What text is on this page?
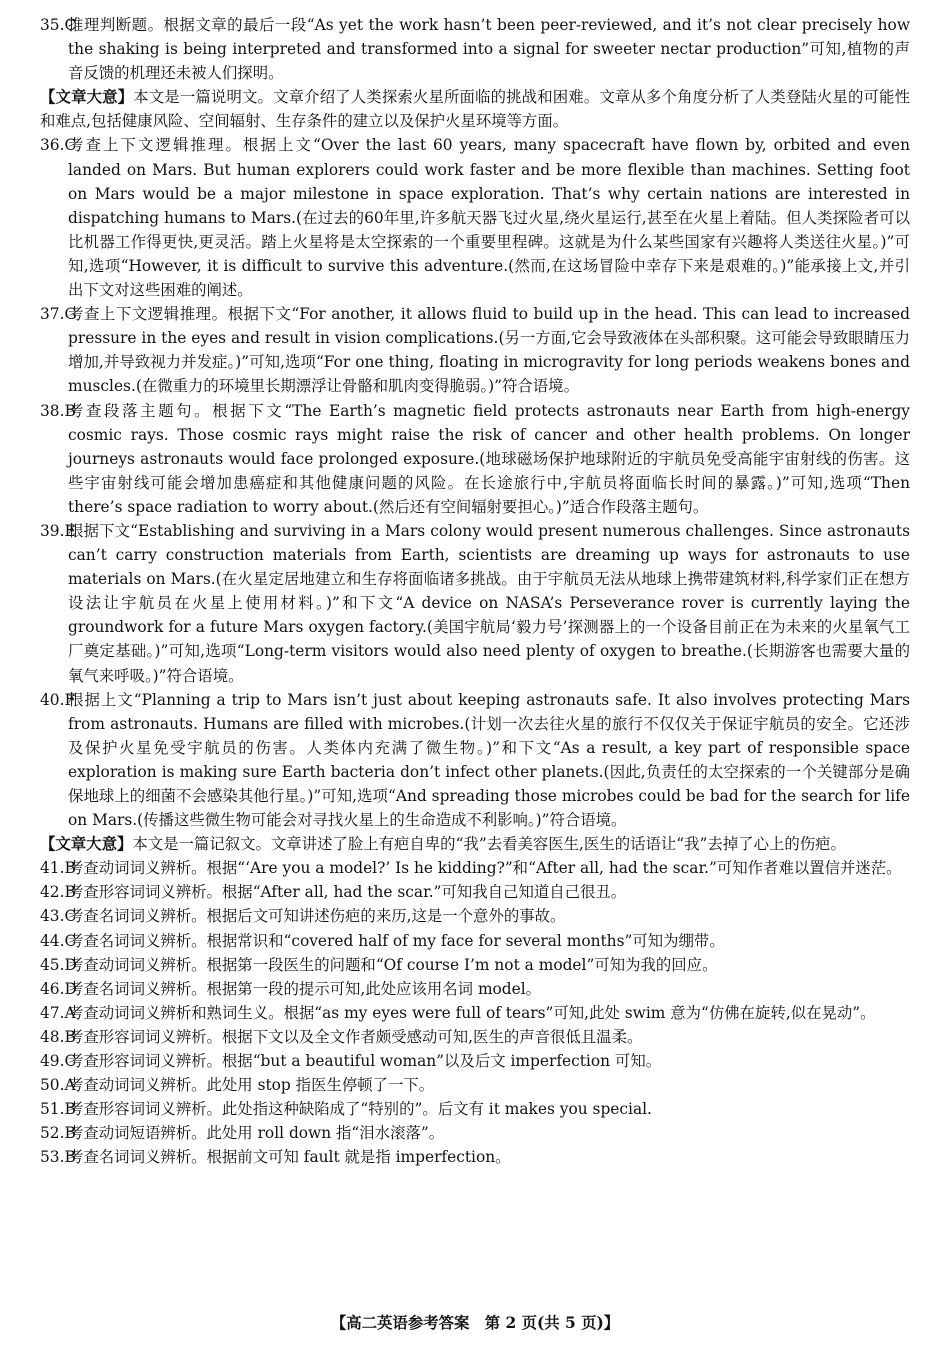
35.C
推理判断题。根据文章的最后一段“As yet the work hasn’t been peer-reviewed, and it’s not clear precisely how the shaking is being interpreted and transformed into a signal for sweeter nectar production”可知,植物的声音反馈的机理还未被人们探明。
【文章大意】本文是一篇说明文。文章介绍了人类探索火星所面临的挑战和困难。文章从多个角度分析了人类登陆火星的可能性和难点,包括健康风险、空间辐射、生存条件的建立以及保护火星环境等方面。
36.C
考查上下文逻辑推理。根据上文“Over the last 60 years, many spacecraft have flown by, orbited and even landed on Mars. But human explorers could work faster and be more flexible than machines. Setting foot on Mars would be a major milestone in space exploration. That’s why certain nations are interested in dispatching humans to Mars.(在过去的60年里,许多航天器飞过火星,绕火星运行,甚至在火星上着陆。但人类探险者可以比机器工作得更快,更灵活。踏上火星将是太空探索的一个重要里程碑。这就是为什么某些国家有兴趣将人类送往火星。)”可知,选项“However, it is difficult to survive this adventure.(然而,在这场冒险中幸存下来是艰难的。)”能承接上文,并引出下文对这些困难的阐述。
37.G
考查上下文逻辑推理。根据下文“For another, it allows fluid to build up in the head. This can lead to increased pressure in the eyes and result in vision complications.(另一方面,它会导致液体在头部积聚。这可能会导致眼睛压力增加,并导致视力并发症。)”可知,选项“For one thing, floating in microgravity for long periods weakens bones and muscles.(在微重力的环境里长期漂浮让骨骼和肌肉变得脆弱。)”符合语境。
38.B
考查段落主题句。根据下文“The Earth’s magnetic field protects astronauts near Earth from high-energy cosmic rays. Those cosmic rays might raise the risk of cancer and other health problems. On longer journeys astronauts would face prolonged exposure.(地球磁场保护地球附近的宇航员免受高能宇宙射线的伤害。这些宇宙射线可能会增加患癌症和其他健康问题的风险。在长途旅行中,宇航员将面临长时间的暴露。)”可知,选项“Then there’s space radiation to worry about.(然后还有空间辐射要担心。)”适合作段落主题句。
39.E
根据下文“Establishing and surviving in a Mars colony would present numerous challenges. Since astronauts can’t carry construction materials from Earth, scientists are dreaming up ways for astronauts to use materials on Mars.(在火星定居地建立和生存将面临诸多挑战。由于宇航员无法从地球上携带建筑材料,科学家们正在想方设法让宇航员在火星上使用材料。)”和下文“A device on NASA’s Perseverance rover is currently laying the groundwork for a future Mars oxygen factory.(美国宇航局‘毅力号’探测器上的一个设备目前正在为未来的火星氧气工厂奠定基础。)”可知,选项“Long-term visitors would also need plenty of oxygen to breathe.(长期游客也需要大量的氧气来呼吸。)”符合语境。
40.F
根据上文“Planning a trip to Mars isn’t just about keeping astronauts safe. It also involves protecting Mars from astronauts. Humans are filled with microbes.(计划一次去往火星的旅行不仅仅关于保证宇航员的安全。它还涉及保护火星免受宇航员的伤害。人类体内充满了微生物。)”和下文“As a result, a key part of responsible space exploration is making sure Earth bacteria don’t infect other planets.(因此,负责任的太空探索的一个关键部分是确保地球上的细菌不会感染其他行星。)”可知,选项“And spreading those microbes could be bad for the search for life on Mars.(传播这些微生物可能会对寻找火星上的生命造成不利影响。)”符合语境。
【文章大意】本文是一篇记叙文。文章讲述了脸上有疤自卑的“我”去看美容医生,医生的话语让“我”去掉了心上的伤疤。
41.B
考查动词词义辨析。根据“‘Are you a model?’ Is he kidding?”和“After all, had the scar.”可知作者难以置信并迷茫。
42.B
考查形容词词义辨析。根据“After all, had the scar.”可知我自己知道自己很丑。
43.C
考查名词词义辨析。根据后文可知讲述伤疤的来历,这是一个意外的事故。
44.C
考查名词词义辨析。根据常识和“covered half of my face for several months”可知为绷带。
45.D
考查动词词义辨析。根据第一段医生的问题和“Of course I’m not a model”可知为我的回应。
46.D
考查名词词义辨析。根据第一段的提示可知,此处应该用名词 model。
47.A
考查动词词义辨析和熟词生义。根据“as my eyes were full of tears”可知,此处 swim 意为“仿佛在旋转,似在晃动”。
48.B
考查形容词词义辨析。根据下文以及全文作者颇受感动可知,医生的声音很低且温柔。
49.C
考查形容词词义辨析。根据“but a beautiful woman”以及后文 imperfection 可知。
50.A
考查动词词义辨析。此处用 stop 指医生停顿了一下。
51.B
考查形容词词义辨析。此处指这种缺陷成了“特别的”。后文有 it makes you special.
52.B
考查动词短语辨析。此处用 roll down 指“泪水滚落”。
53.B
考查名词词义辨析。根据前文可知 fault 就是指 imperfection。
【高二英语参考答案　第 2 页(共 5 页)】
